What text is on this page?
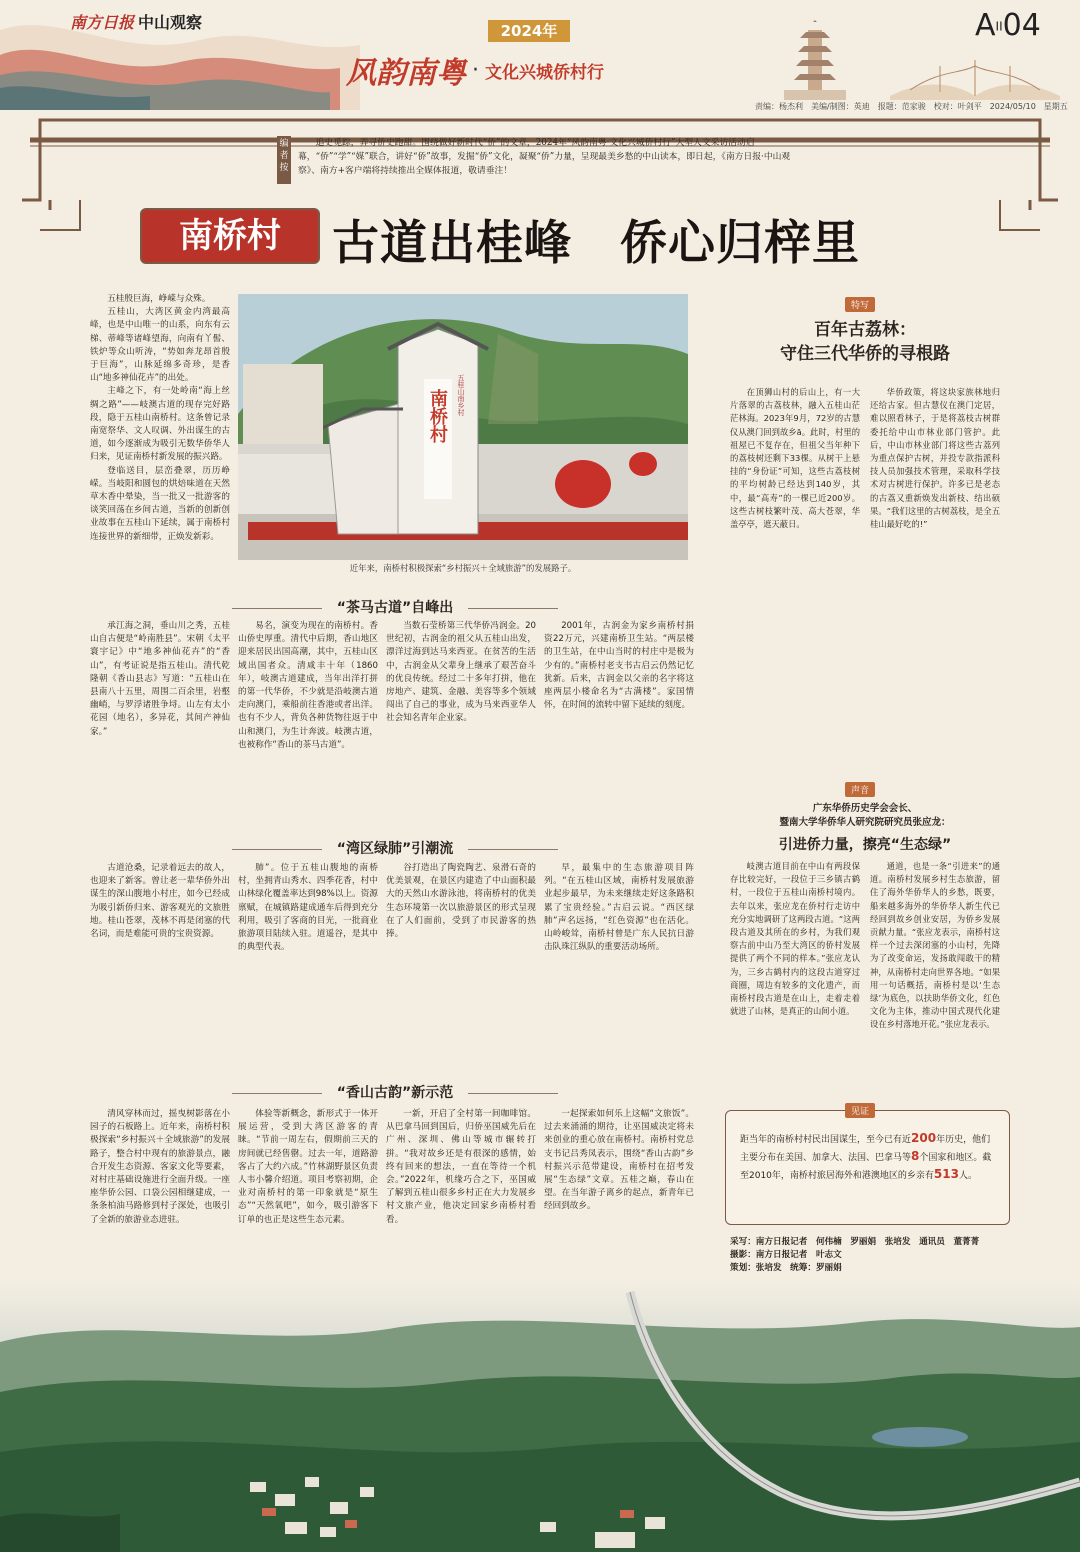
南方日报 中山观察	2024年
风韵南粤 · 文化兴城侨村行
AII04
责编：杨杰利　美编/制图：英迪　报题：范家骏　校对：叶剑平　2024/05/10　星期五
编者按
追史觅踪，弄寻侨史跑甜。围绕做好新时代“侨”的文章，2024年“风韵南粤·文化兴城侨村行”大型人文采访活动启幕，“侨”“学”“媒”联合，讲好“侨”故事，发掘“侨”文化，凝聚“侨”力量，呈现最美乡愁的中山读本，即日起，《南方日报·中山观察》、南方+客户端将持续推出全媒体报道，敬请垂注！
南桥村	古道出桂峰　侨心归梓里

五桂殷巨海，峥嵘与众殊。

五桂山，大湾区黄金内湾最高峰，也是中山唯一的山系，向东有云梯、蒂峰等诸峰望海，向南有丫髻、铁炉等众山听涛，“势如奔龙昂首殷于巨海”，山脉延绵多奇珍，是香山“地多神仙花卉”的出处。

主峰之下，有一处岭南“海上丝绸之路”——岐澳古道的现存完好路段，隐于五桂山南桥村。这条曾记录南宽祭华、文人叹调、外出谋生的古道，如今逐渐成为吸引无数华侨华人归来，见证南桥村新发展的振兴路。

登临送目，层峦叠翠，历历峥嵘。当岐阳和圆包的烘焙味道在天然草木香中晕染，当一批又一批游客的谈笑回荡在乡间古道，当新的创新创业故事在五桂山下延续，属于南桥村连接世界的新细带，正焕发新彩。

南桥村	五桂山南乡村
近年来，南桥村积极探索“乡村振兴＋全域旅游”的发展路子。
“茶马古道”自峰出
承江海之洞，垂山川之秀，五桂山自古便是“岭南胜县”。宋朝《太平寰宇记》中“地多神仙花卉”的“香山”，有考证说是指五桂山。清代乾隆朝《香山县志》写道：“五桂山在县南八十五里，周围二百余里，岩壑幽峭，与罗浮诸胜争埒。山左有太小花园（地名），多异花，其间产神仙家。”
易名，演变为现在的南桥村。香山侨史厚重。清代中后期，香山地区迎来居民出国高潮，其中，五桂山区域出国者众。清咸丰十年（1860年），岐澳古道建成，当年出洋打拼的第一代华侨，不少就是沿岐澳古道走向澳门，乘船前往香港或者出洋。也有不少人，背负各种货物往返于中山和澳门，为生计奔波。岐澳古道，也被称作“香山的茶马古道”。
当数石莹桥第三代华侨冯润金。20世纪初，古润金的祖父从五桂山出发，漂洋过海到达马来西亚。在贫苦的生活中，古润金从父辈身上继承了艰苦奋斗的优良传统。经过二十多年打拼，他在房地产、建筑、金融、美容等多个领域闯出了自己的事业，成为马来西亚华人社会知名青年企业家。
2001年，古润金为家乡南桥村捐资22万元，兴建南桥卫生站。“两层楼的卫生站，在中山当时的村庄中是极为少有的。”南桥村老支书古启云仍然记忆犹新。后来，古润金以父亲的名字将这座两层小楼命名为“古满楼”。家国情怀，在时间的流转中留下延续的刻度。
“湾区绿肺”引潮流
古道沧桑，记录着远去的故人，也迎来了新客。曾让老一辈华侨外出谋生的深山腹地小村庄，如今已经成为吸引新侨归来、游客观光的文旅胜地。桂山苍翠，茂林不再是闭塞的代名词，而是难能可贵的宝贵资源。
肺”。位于五桂山腹地的南桥村，坐拥青山秀水、四季花香，村中山林绿化覆盖率达到98%以上。资源禀赋，在城镇路建成通车后得到充分利用，吸引了客商的目光，一批商业旅游项目陆续入驻。道遥谷，是其中的典型代表。
谷打造出了陶瓷陶艺、泉滑石奇的优美景观，在景区内建造了中山面积最大的天然山水游泳池，将南桥村的优美生态环境第一次以旅游景区的形式呈现在了人们面前，受到了市民游客的热捧。
早，最集中的生态旅游项目阵列。“在五桂山区域，南桥村发展旅游业起步最早，为未来继续走好这条路积累了宝贵经验。”古启云说。“西区绿肺”声名远扬，“红色资源”也在活化。山岭峻耸，南桥村曾是广东人民抗日游击队珠江纵队的重要活动场所。
“香山古韵”新示范
清风穿林而过，摇曳树影落在小园子的石板路上。近年来，南桥村积极探索“乡村振兴＋全域旅游”的发展路子，整合村中现有的旅游景点，融合开发生态资源、客家文化等要素，对村庄基础设施进行全面升级。一座座华侨公园、口袋公园相继建成，一条条柏油马路修到村子深处，也吸引了全新的旅游业态进驻。
体验等新概念，新形式于一体开展运营，受到大湾区游客的青睐。“节前一周左右，假期前三天的房间就已经售罄。过去一年，道路游客占了大约六成。”竹林湖野景区负责人韦小馨介绍道。项目考察初期，企业对南桥村的第一印象就是“原生态”“天然氧吧”，如今，吸引游客下订单的也正是这些生态元素。
一新，开启了全村第一间咖啡馆。从巴拿马回到国后，归侨巫国威先后在广州、深圳、佛山等城市辗转打拼。“我对故乡还是有很深的感情，始终有回来的想法，一直在等待一个机会。”2022年，机缘巧合之下，巫国威了解到五桂山很多乡村正在大力发展乡村文旅产业，他决定回家乡南桥村看看。
一起探索如何乐上这幅“文旅饭”。过去来涌涌的期待，让巫国威决定将未来创业的重心放在南桥村。南桥村党总支书记吕秀凤表示，围绕“香山古韵”乡村振兴示范带建设，南桥村在招考发展“生态绿”文章。五桂之巅，春山在望。在当年游子离乡的起点，新青年已经回到故乡。
特写
百年古荔林：
守住三代华侨的寻根路
在顶狮山村的后山上，有一大片落翠的古荔枝林，融入五桂山茫茫林海。2023年9月，72岁的古慧仪从澳门回到故乡ā。此时，村里的祖屋已不复存在，但祖父当年种下的荔枝树还剩下33棵。从树干上悬挂的“身份证”可知，这些古荔枝树的平均树龄已经达到140岁，其中，最“高寿”的一棵已近200岁。这些古树枝繁叶茂、高大苍翠，华盖亭亭，遮天蔽日。
华侨政策，将这块家族林地归还给古家。但古慧仪在澳门定居，难以照看林子，于是将荔枝古树群委托给中山市林业部门管护。此后，中山市林业部门将这些古荔列为重点保护古树，并投专款指派科技人员加强技术管理，采取科学技术对古树进行保护。许多已是老态的古荔又重新焕发出新枝、结出硕果。“我们这里的古树荔枝，是全五桂山最好吃的!”
声音
广东华侨历史学会会长、
暨南大学华侨华人研究院研究员张应龙：
引进侨力量，擦亮“生态绿”
岐澳古道目前在中山有两段保存比较完好，一段位于三乡镇古鹤村，一段位于五桂山南桥村境内。去年以来，张应龙在侨村行走访中充分实地调研了这两段古道。“这两段古道及其所在的乡村，为我们观察古前中山乃至大湾区的侨村发展提供了两个不同的样本。”张应龙认为，三乡古鹤村内的这段古道穿过商圈，周边有较多的文化遗产，而南桥村段古道是在山上，走着走着就进了山林，是真正的山间小道。
通道，也是一条“引进来”的通道。南桥村发展乡村生态旅游，留住了海外华侨华人的乡愁，既要，船来越多海外的华侨华人新生代已经回到故乡创业安居，为侨乡发展贡献力量。“张应龙表示，南桥村这样一个过去深闭塞的小山村，先降为了改变命运，发扬敢闯敢干的精神，从南桥村走向世界各地。“如果用一句话概括，南桥村是以‘生态绿’为底色，以扶助华侨文化，红色文化为主体，推动中国式现代化建设在乡村落地开花。”张应龙表示。
见证
距当年的南桥村村民出国谋生，至今已有近200年历史，他们主要分布在美国、加拿大、法国、巴拿马等8个国家和地区。截至2010年，南桥村旅居海外和港澳地区的乡亲有513人。
采写：南方日报记者　何伟楠　罗丽娟　张培发　通讯员　董菁菁
摄影：南方日报记者　叶志文
策划：张培发　统筹：罗丽娟
